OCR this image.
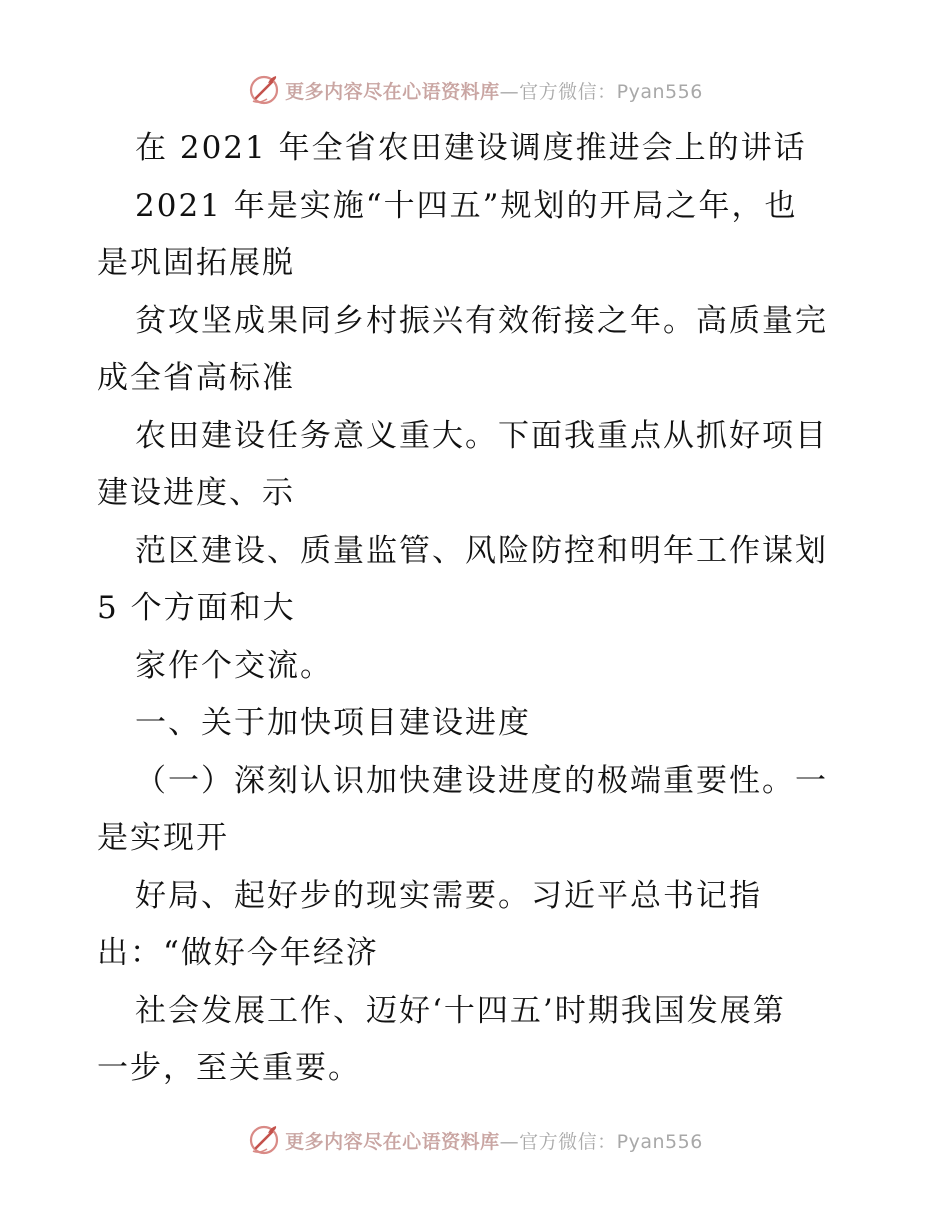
更多内容尽在心语资料库—官方微信：Pyan556
在 2021 年全省农田建设调度推进会上的讲话
2021 年是实施“十四五”规划的开局之年，也
是巩固拓展脱
贫攻坚成果同乡村振兴有效衔接之年。高质量完
成全省高标准
农田建设任务意义重大。下面我重点从抓好项目
建设进度、示
范区建设、质量监管、风险防控和明年工作谋划
5 个方面和大
家作个交流。
一、关于加快项目建设进度
（一）深刻认识加快建设进度的极端重要性。一
是实现开
好局、起好步的现实需要。习近平总书记指
出：“做好今年经济
社会发展工作、迈好‘十四五’时期我国发展第
一步，至关重要。
更多内容尽在心语资料库—官方微信：Pyan556
